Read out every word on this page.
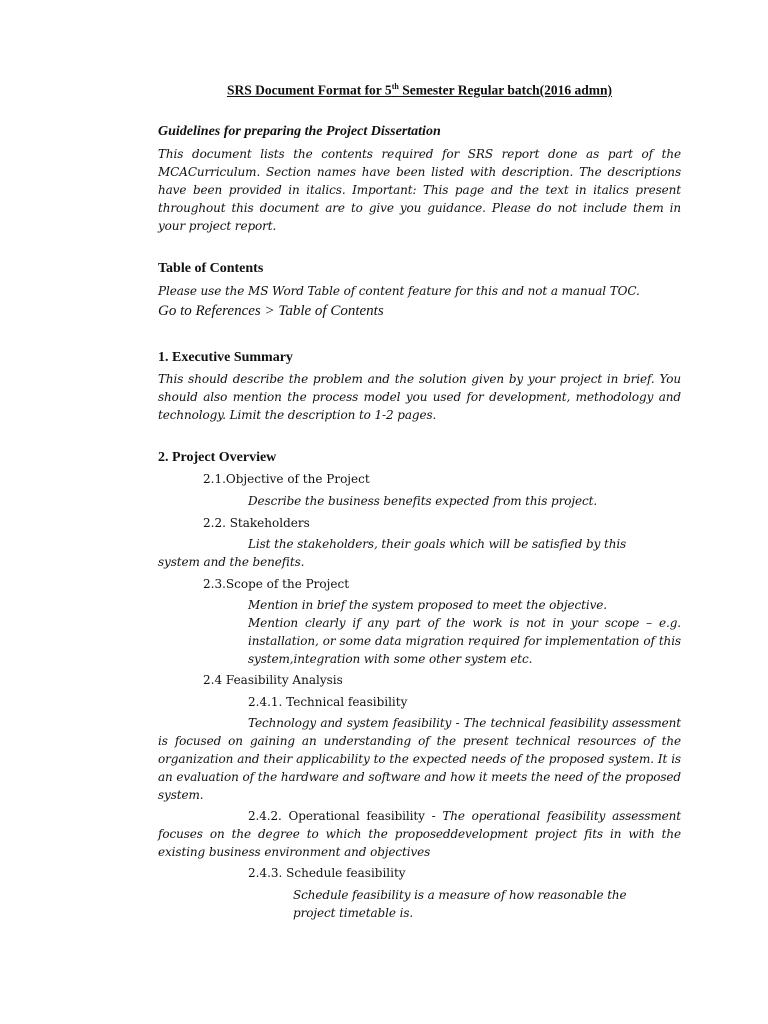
SRS Document Format for 5th Semester Regular batch(2016 admn)
Guidelines for preparing the Project Dissertation
This document lists the contents required for SRS report done as part of the MCACurriculum. Section names have been listed with description. The descriptions have been provided in italics. Important: This page and the text in italics present throughout this document are to give you guidance. Please do not include them in your project report.
Table of Contents
Please use the MS Word Table of content feature for this and not a manual TOC.
Go to References > Table of Contents
1. Executive Summary
This should describe the problem and the solution given by your project in brief. You should also mention the process model you used for development, methodology and technology. Limit the description to 1-2 pages.
2. Project Overview
2.1.Objective of the Project
Describe the business benefits expected from this project.
2.2. Stakeholders
List the stakeholders, their goals which will be satisfied by this
system and the benefits.
2.3.Scope of the Project
Mention in brief the system proposed to meet the objective.
Mention clearly if any part of the work is not in your scope – e.g. installation, or some data migration required for implementation of this system,integration with some other system etc.
2.4 Feasibility Analysis
2.4.1. Technical feasibility
Technology and system feasibility - The technical feasibility assessment is focused on gaining an understanding of the present technical resources of the organization and their applicability to the expected needs of the proposed system. It is an evaluation of the hardware and software and how it meets the need of the proposed system.
2.4.2. Operational feasibility - The operational feasibility assessment focuses on the degree to which the proposeddevelopment project fits in with the existing business environment and objectives
2.4.3. Schedule feasibility
Schedule feasibility is a measure of how reasonable the
project timetable is.
